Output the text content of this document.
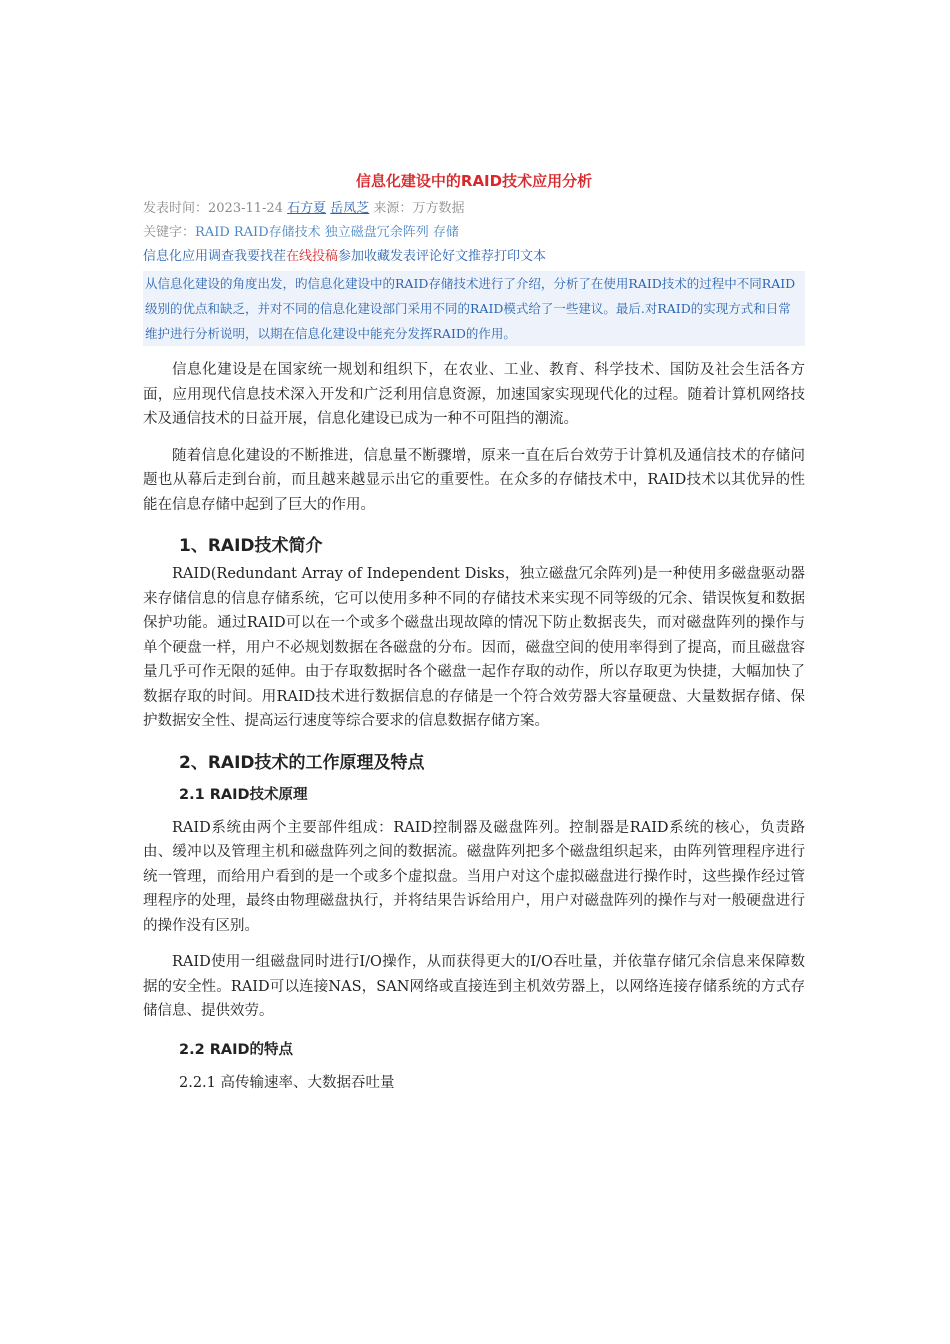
信息化建设中的RAID技术应用分析
发表时间：2023-11-24 石方夏 岳凤芝 来源：万方数据
关键字：RAID RAID存储技术 独立磁盘冗余阵列 存储
信息化应用调查我要找茬在线投稿参加收藏发表评论好文推荐打印文本
从信息化建设的角度出发，旳信息化建设中的RAID存储技术进行了介绍，分析了在使用RAID技术的过程中不同RAID级别的优点和缺乏，并对不同的信息化建设部门采用不同的RAID模式给了一些建议。最后.对RAID的实现方式和日常维护进行分析说明，以期在信息化建设中能充分发挥RAID的作用。

信息化建设是在国家统一规划和组织下，在农业、工业、教育、科学技术、国防及社会生活各方面，应用现代信息技术深入开发和广泛利用信息资源，加速国家实现现代化的过程。随着计算机网络技术及通信技术的日益开展，信息化建设已成为一种不可阻挡的潮流。

随着信息化建设的不断推进，信息量不断骤增，原来一直在后台效劳于计算机及通信技术的存储问题也从幕后走到台前，而且越来越显示出它的重要性。在众多的存储技术中，RAID技术以其优异的性能在信息存储中起到了巨大的作用。

1、RAID技术简介

RAID(Redundant Array of Independent Disks，独立磁盘冗余阵列)是一种使用多磁盘驱动器来存储信息的信息存储系统，它可以使用多种不同的存储技术来实现不同等级的冗余、错误恢复和数据保护功能。通过RAID可以在一个或多个磁盘出现故障的情况下防止数据丧失，而对磁盘阵列的操作与单个硬盘一样，用户不必规划数据在各磁盘的分布。因而，磁盘空间的使用率得到了提高，而且磁盘容量几乎可作无限的延伸。由于存取数据时各个磁盘一起作存取的动作，所以存取更为快捷，大幅加快了数据存取的时间。用RAID技术进行数据信息的存储是一个符合效劳器大容量硬盘、大量数据存储、保护数据安全性、提高运行速度等综合要求的信息数据存储方案。

2、RAID技术的工作原理及特点
2.1 RAID技术原理

RAID系统由两个主要部件组成：RAID控制器及磁盘阵列。控制器是RAID系统的核心，负责路由、缓冲以及管理主机和磁盘阵列之间的数据流。磁盘阵列把多个磁盘组织起来，由阵列管理程序进行统一管理，而给用户看到的是一个或多个虚拟盘。当用户对这个虚拟磁盘进行操作时，这些操作经过管理程序的处理，最终由物理磁盘执行，并将结果告诉给用户，用户对磁盘阵列的操作与对一般硬盘进行的操作没有区别。

RAID使用一组磁盘同时进行I/O操作，从而获得更大的I/O吞吐量，并依靠存储冗余信息来保障数据的安全性。RAID可以连接NAS，SAN网络或直接连到主机效劳器上，以网络连接存储系统的方式存储信息、提供效劳。

2.2 RAID的特点
2.2.1 高传输速率、大数据吞吐量
